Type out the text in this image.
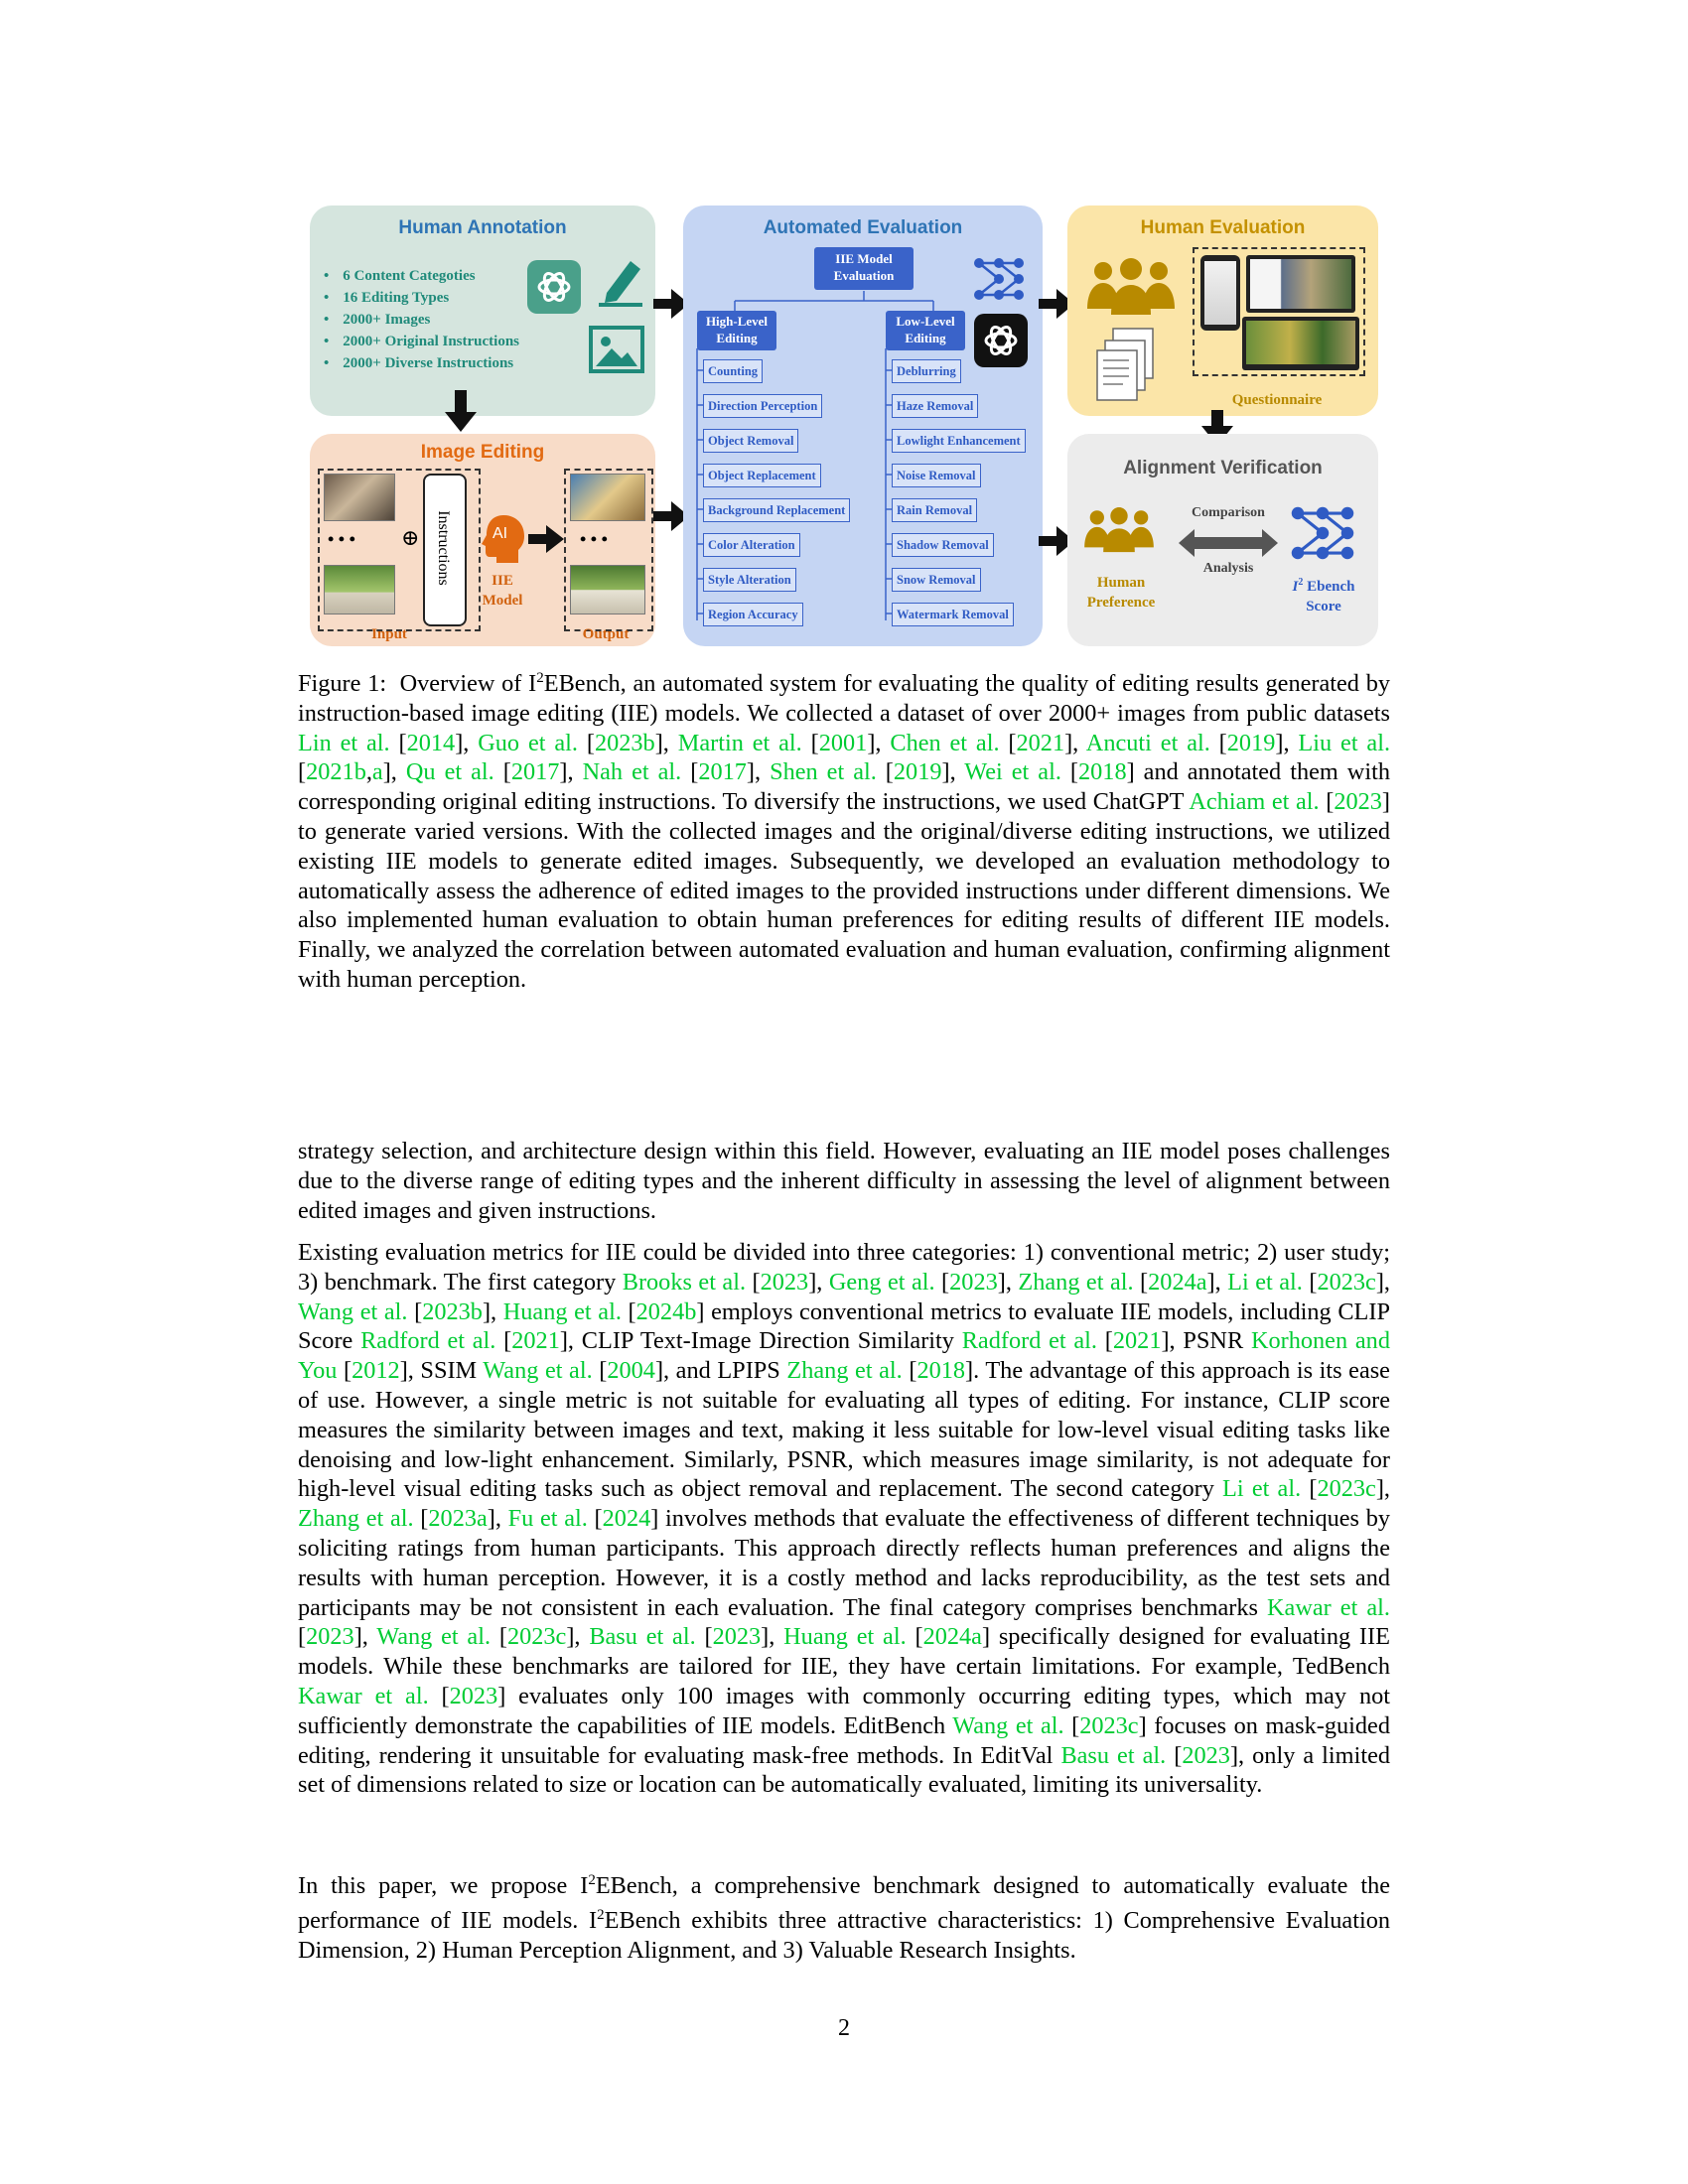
Human Annotation
• 6 Content Categoties
• 16 Editing Types
• 2000+ Images
• 2000+ Original Instructions
• 2000+ Diverse Instructions
Image Editing
• • • ⊕ Instructions	AI
IIE
Model
• • •
Input	Output
Automated Evaluation
IIE Model
Evaluation
High-Level
Editing
Low-Level
Editing
Counting
Direction Perception
Object Removal
Object Replacement
Background Replacement
Color Alteration
Style Alteration
Region Accuracy
Deblurring
Haze Removal
Lowlight Enhancement
Noise Removal
Rain Removal
Shadow Removal
Snow Removal
Watermark Removal
Human Evaluation
Questionnaire
Alignment Verification
Human
Preference
Comparison
Analysis
$I^2$ Ebench
Score
Figure 1:  Overview of $I^2EBench$, an automated system for evaluating the quality of editing results generated by instruction-based image editing (IIE) models. We collected a dataset of over 2000+ images from public datasets Lin et al. [2014], Guo et al. [2023b], Martin et al. [2001], Chen et al. [2021], Ancuti et al. [2019], Liu et al. [2021b,a], Qu et al. [2017], Nah et al. [2017], Shen et al. [2019], Wei et al. [2018] and annotated them with corresponding original editing instructions. To diversify the instructions, we used ChatGPT Achiam et al. [2023] to generate varied versions. With the collected images and the original/diverse editing instructions, we utilized existing IIE models to generate edited images. Subsequently, we developed an evaluation methodology to automatically assess the adherence of edited images to the provided instructions under different dimensions. We also implemented human evaluation to obtain human preferences for editing results of different IIE models. Finally, we analyzed the correlation between automated evaluation and human evaluation, confirming alignment with human perception.
strategy selection, and architecture design within this field. However, evaluating an IIE model poses challenges due to the diverse range of editing types and the inherent difficulty in assessing the level of alignment between edited images and given instructions.
Existing evaluation metrics for IIE could be divided into three categories: 1) conventional metric; 2) user study; 3) benchmark. The first category Brooks et al. [2023], Geng et al. [2023], Zhang et al. [2024a], Li et al. [2023c], Wang et al. [2023b], Huang et al. [2024b] employs conventional metrics to evaluate IIE models, including CLIP Score Radford et al. [2021], CLIP Text-Image Direction Similarity Radford et al. [2021], PSNR Korhonen and You [2012], SSIM Wang et al. [2004], and LPIPS Zhang et al. [2018]. The advantage of this approach is its ease of use. However, a single metric is not suitable for evaluating all types of editing. For instance, CLIP score measures the similarity between images and text, making it less suitable for low-level visual editing tasks like denoising and low-light enhancement. Similarly, PSNR, which measures image similarity, is not adequate for high-level visual editing tasks such as object removal and replacement. The second category Li et al. [2023c], Zhang et al. [2023a], Fu et al. [2024] involves methods that evaluate the effectiveness of different techniques by soliciting ratings from human participants. This approach directly reflects human preferences and aligns the results with human perception. However, it is a costly method and lacks reproducibility, as the test sets and participants may be not consistent in each evaluation. The final category comprises benchmarks Kawar et al. [2023], Wang et al. [2023c], Basu et al. [2023], Huang et al. [2024a] specifically designed for evaluating IIE models. While these benchmarks are tailored for IIE, they have certain limitations. For example, TedBench Kawar et al. [2023] evaluates only 100 images with commonly occurring editing types, which may not sufficiently demonstrate the capabilities of IIE models. EditBench Wang et al. [2023c] focuses on mask-guided editing, rendering it unsuitable for evaluating mask-free methods. In EditVal Basu et al. [2023], only a limited set of dimensions related to size or location can be automatically evaluated, limiting its universality.
In this paper, we propose $I^2EBench$, a comprehensive benchmark designed to automatically evaluate the performance of IIE models. $I^2EBench$ exhibits three attractive characteristics: 1) Comprehensive Evaluation Dimension, 2) Human Perception Alignment, and 3) Valuable Research Insights.
2
